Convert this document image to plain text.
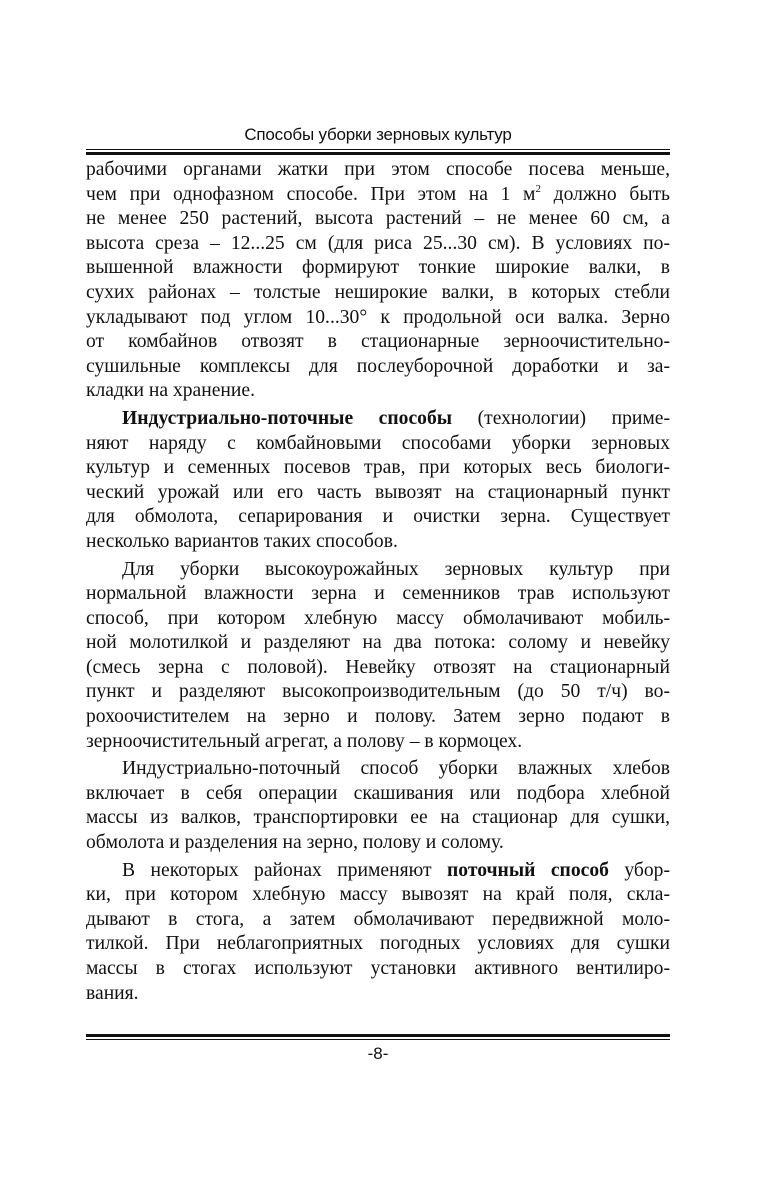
Способы уборки зерновых культур
рабочими органами жатки при этом способе посева меньше,
чем при однофазном способе. При этом на 1 $м^2$ должно быть
не менее 250 растений, высота растений – не менее 60 см, а
высота среза – 12...25 см (для риса 25...30 см). В условиях по-
вышенной влажности формируют тонкие широкие валки, в
сухих районах – толстые неширокие валки, в которых стебли
укладывают под углом 10...30° к продольной оси валка. Зерно
от комбайнов отвозят в стационарные зерноочистительно-
сушильные комплексы для послеуборочной доработки и за-
кладки на хранение.
Индустриально-поточные способы (технологии) приме-
няют наряду с комбайновыми способами уборки зерновых
культур и семенных посевов трав, при которых весь биологи-
ческий урожай или его часть вывозят на стационарный пункт
для обмолота, сепарирования и очистки зерна. Существует
несколько вариантов таких способов.
Для уборки высокоурожайных зерновых культур при
нормальной влажности зерна и семенников трав используют
способ, при котором хлебную массу обмолачивают мобиль-
ной молотилкой и разделяют на два потока: солому и невейку
(смесь зерна с половой). Невейку отвозят на стационарный
пункт и разделяют высокопроизводительным (до 50 т/ч) во-
рохоочистителем на зерно и полову. Затем зерно подают в
зерноочистительный агрегат, а полову – в кормоцех.
Индустриально-поточный способ уборки влажных хлебов
включает в себя операции скашивания или подбора хлебной
массы из валков, транспортировки ее на стационар для сушки,
обмолота и разделения на зерно, полову и солому.
В некоторых районах применяют поточный способ убор-
ки, при котором хлебную массу вывозят на край поля, скла-
дывают в стога, а затем обмолачивают передвижной моло-
тилкой. При неблагоприятных погодных условиях для сушки
массы в стогах используют установки активного вентилиро-
вания.
-8-
